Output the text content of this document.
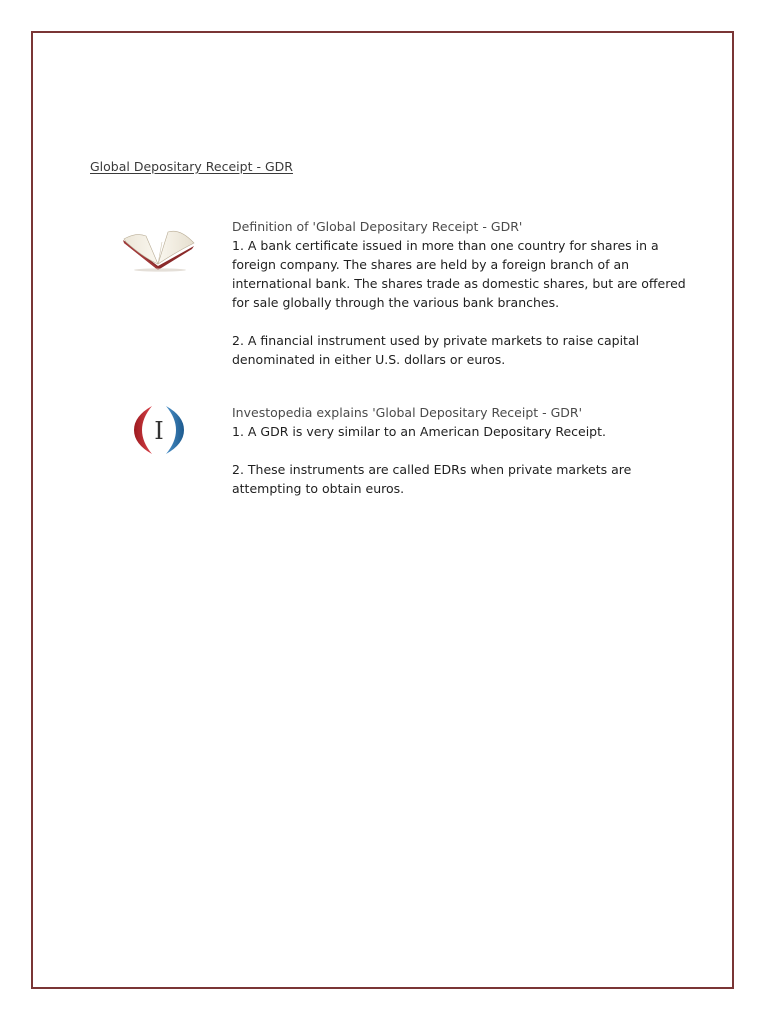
Global Depositary Receipt - GDR

Definition of 'Global Depositary Receipt - GDR'

1. A bank certificate issued in more than one country for shares in a foreign company. The shares are held by a foreign branch of an international bank. The shares trade as domestic shares, but are offered for sale globally through the various bank branches.

2. A financial instrument used by private markets to raise capital denominated in either U.S. dollars or euros.

I

Investopedia explains 'Global Depositary Receipt - GDR'

1. A GDR is very similar to an American Depositary Receipt.

2. These instruments are called EDRs when private markets are attempting to obtain euros.
